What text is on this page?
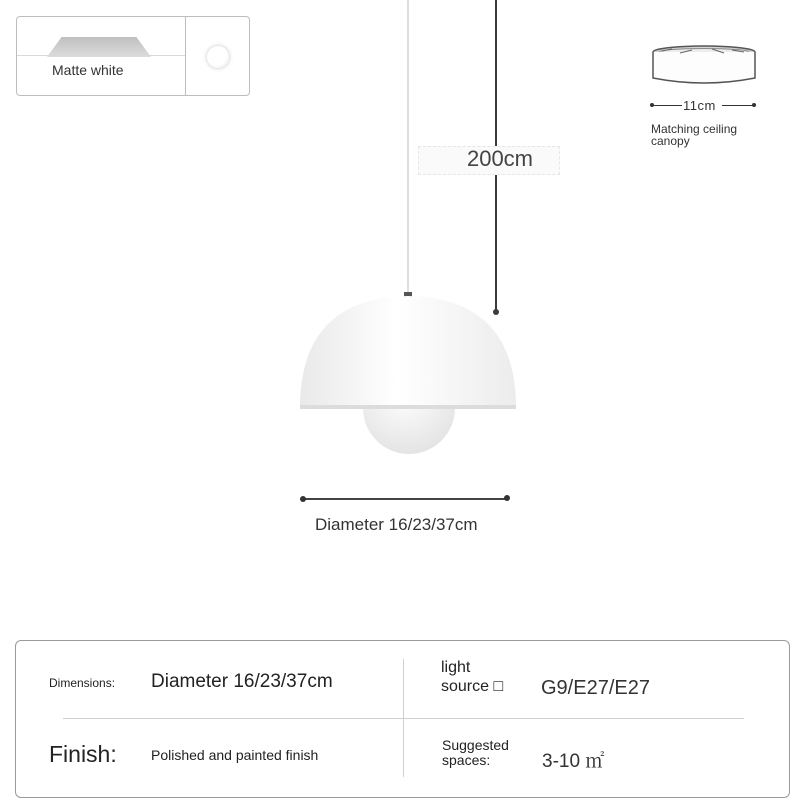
Matte white
11cm
Matching ceiling
canopy
200cm
Diameter 16/23/37cm
Dimensions: Diameter 16/23/37cm
light
source □	G9/E27/E27
Finish: Polished and painted finish
Suggested
spaces:	3-10 ㎡
